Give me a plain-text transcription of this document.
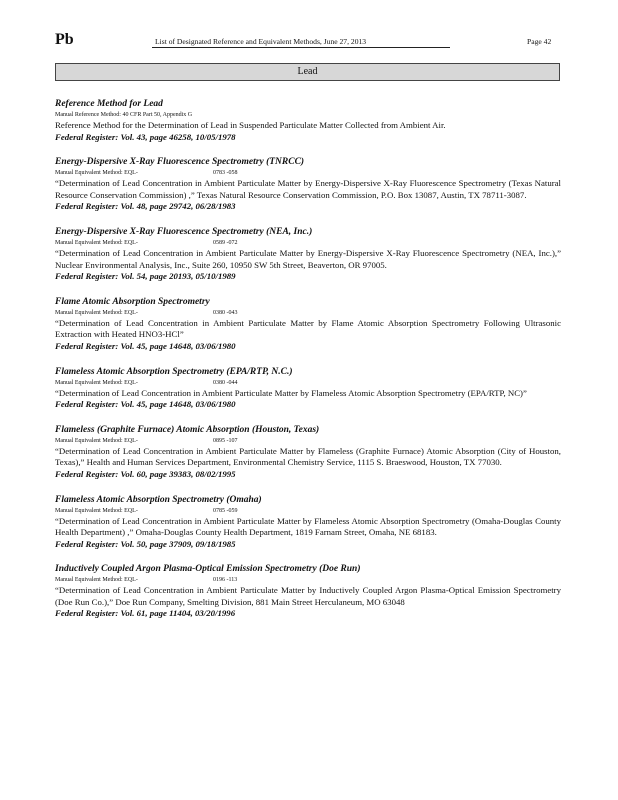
Pb	List of Designated Reference and Equivalent Methods, June 27, 2013	Page 42
Lead
Reference Method for Lead
Manual Reference Method: 40 CFR Part 50, Appendix G
Reference Method for the Determination of Lead in Suspended Particulate Matter Collected from Ambient Air.
Federal Register: Vol. 43, page 46258, 10/05/1978
Energy-Dispersive X-Ray Fluorescence Spectrometry (TNRCC)
Manual Equivalent Method: EQL-	0783 -058
“Determination of Lead Concentration in Ambient Particulate Matter by Energy-Dispersive X-Ray Fluorescence Spectrometry (Texas Natural Resource Conservation Commission) ,” Texas Natural Resource Conservation Commission, P.O. Box 13087, Austin, TX 78711-3087.
Federal Register: Vol. 48, page 29742, 06/28/1983
Energy-Dispersive X-Ray Fluorescence Spectrometry (NEA, Inc.)
Manual Equivalent Method: EQL-	0589 -072
“Determination of Lead Concentration in Ambient Particulate Matter by Energy-Dispersive X-Ray Fluorescence Spectrometry (NEA, Inc.),” Nuclear Environmental Analysis, Inc., Suite 260, 10950 SW 5th Street, Beaverton, OR 97005.
Federal Register: Vol. 54, page 20193, 05/10/1989
Flame Atomic Absorption Spectrometry
Manual Equivalent Method: EQL-	0380 -043
“Determination of Lead Concentration in Ambient Particulate Matter by Flame Atomic Absorption Spectrometry Following Ultrasonic Extraction with Heated HNO3-HCl”
Federal Register: Vol. 45, page 14648, 03/06/1980
Flameless Atomic Absorption Spectrometry (EPA/RTP, N.C.)
Manual Equivalent Method: EQL-	0380 -044
“Determination of Lead Concentration in Ambient Particulate Matter by Flameless Atomic Absorption Spectrometry (EPA/RTP, NC)”
Federal Register: Vol. 45, page 14648, 03/06/1980
Flameless (Graphite Furnace) Atomic Absorption (Houston, Texas)
Manual Equivalent Method: EQL-	0895 -107
“Determination of Lead Concentration in Ambient Particulate Matter by Flameless (Graphite Furnace) Atomic Absorption (City of Houston, Texas),” Health and Human Services Department, Environmental Chemistry Service, 1115 S. Braeswood, Houston, TX 77030.
Federal Register: Vol. 60, page 39383, 08/02/1995
Flameless Atomic Absorption Spectrometry (Omaha)
Manual Equivalent Method: EQL-	0785 -059
“Determination of Lead Concentration in Ambient Particulate Matter by Flameless Atomic Absorption Spectrometry (Omaha-Douglas County Health Department) ,” Omaha-Douglas County Health Department, 1819 Farnam Street, Omaha, NE 68183.
Federal Register: Vol. 50, page 37909, 09/18/1985
Inductively Coupled Argon Plasma-Optical Emission Spectrometry (Doe Run)
Manual Equivalent Method: EQL-	0196 -113
“Determination of Lead Concentration in Ambient Particulate Matter by Inductively Coupled Argon Plasma-Optical Emission Spectrometry (Doe Run Co.),” Doe Run Company, Smelting Division, 881 Main Street Herculaneum, MO 63048
Federal Register: Vol. 61, page 11404, 03/20/1996
